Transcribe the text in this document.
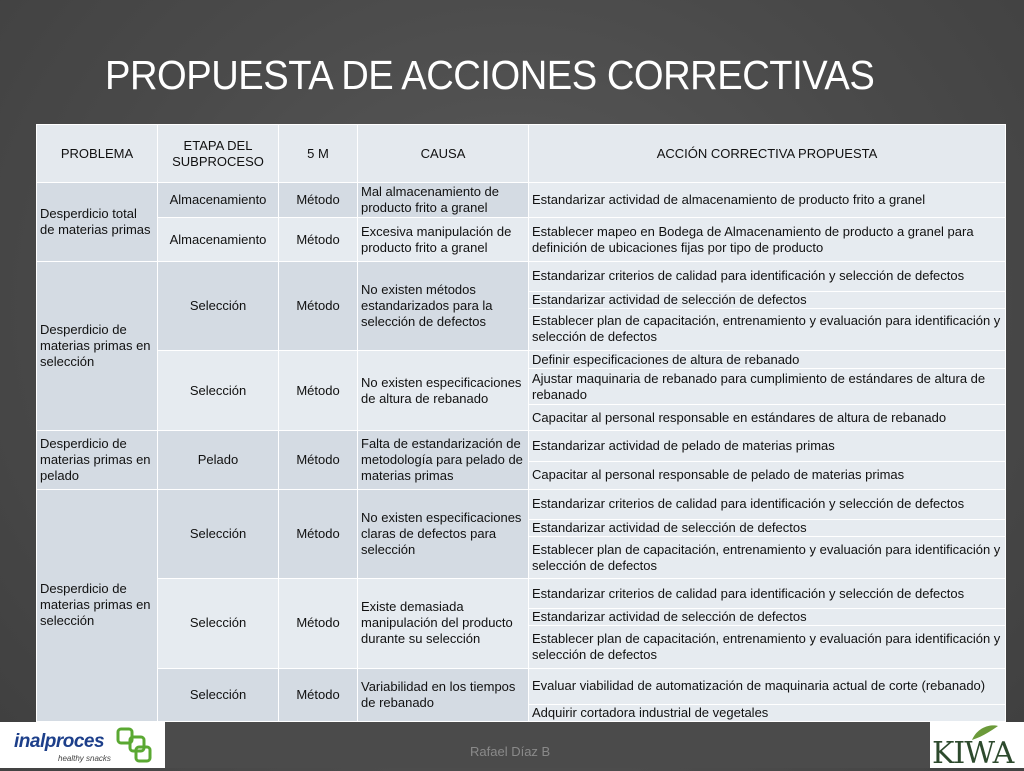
PROPUESTA DE ACCIONES CORRECTIVAS
PROBLEMA	ETAPA DEL SUBPROCESO	5 M	CAUSA	ACCIÓN CORRECTIVA PROPUESTA
Desperdicio total de materias primas	Almacenamiento	Método	Mal almacenamiento de producto frito a granel	Estandarizar actividad de almacenamiento de producto frito a granel
	Almacenamiento	Método	Excesiva manipulación de producto frito a granel	Establecer mapeo en Bodega de Almacenamiento de producto a granel para definición de ubicaciones fijas por tipo de producto
Desperdicio de materias primas en selección	Selección	Método	No existen métodos estandarizados para la selección de defectos	Estandarizar criterios de calidad para identificación y selección de defectos
				Estandarizar actividad de selección de defectos
				Establecer plan de capacitación, entrenamiento y evaluación para identificación y selección de defectos
	Selección	Método	No existen especificaciones de altura de rebanado	Definir especificaciones de altura de rebanado
				Ajustar maquinaria de rebanado para cumplimiento de estándares de altura de rebanado
				Capacitar al personal responsable en estándares de altura de rebanado
Desperdicio de materias primas en pelado	Pelado	Método	Falta de estandarización de metodología para pelado de materias primas	Estandarizar actividad de pelado de materias primas
				Capacitar al personal responsable de pelado de materias primas
Desperdicio de materias primas en selección	Selección	Método	No existen especificaciones claras de defectos para selección	Estandarizar criterios de calidad para identificación y selección de defectos
				Estandarizar actividad de selección de defectos
				Establecer plan de capacitación, entrenamiento y evaluación para identificación y selección de defectos
	Selección	Método	Existe demasiada manipulación del producto durante su selección	Estandarizar criterios de calidad para identificación y selección de defectos
				Estandarizar actividad de selección de defectos
				Establecer plan de capacitación, entrenamiento y evaluación para identificación y selección de defectos
	Selección	Método	Variabilidad en los tiempos de rebanado	Evaluar viabilidad de automatización de maquinaria actual de corte (rebanado)
				Adquirir cortadora industrial de vegetales
inalproces
healthy snacks	Rafael Díaz B	KIWA
